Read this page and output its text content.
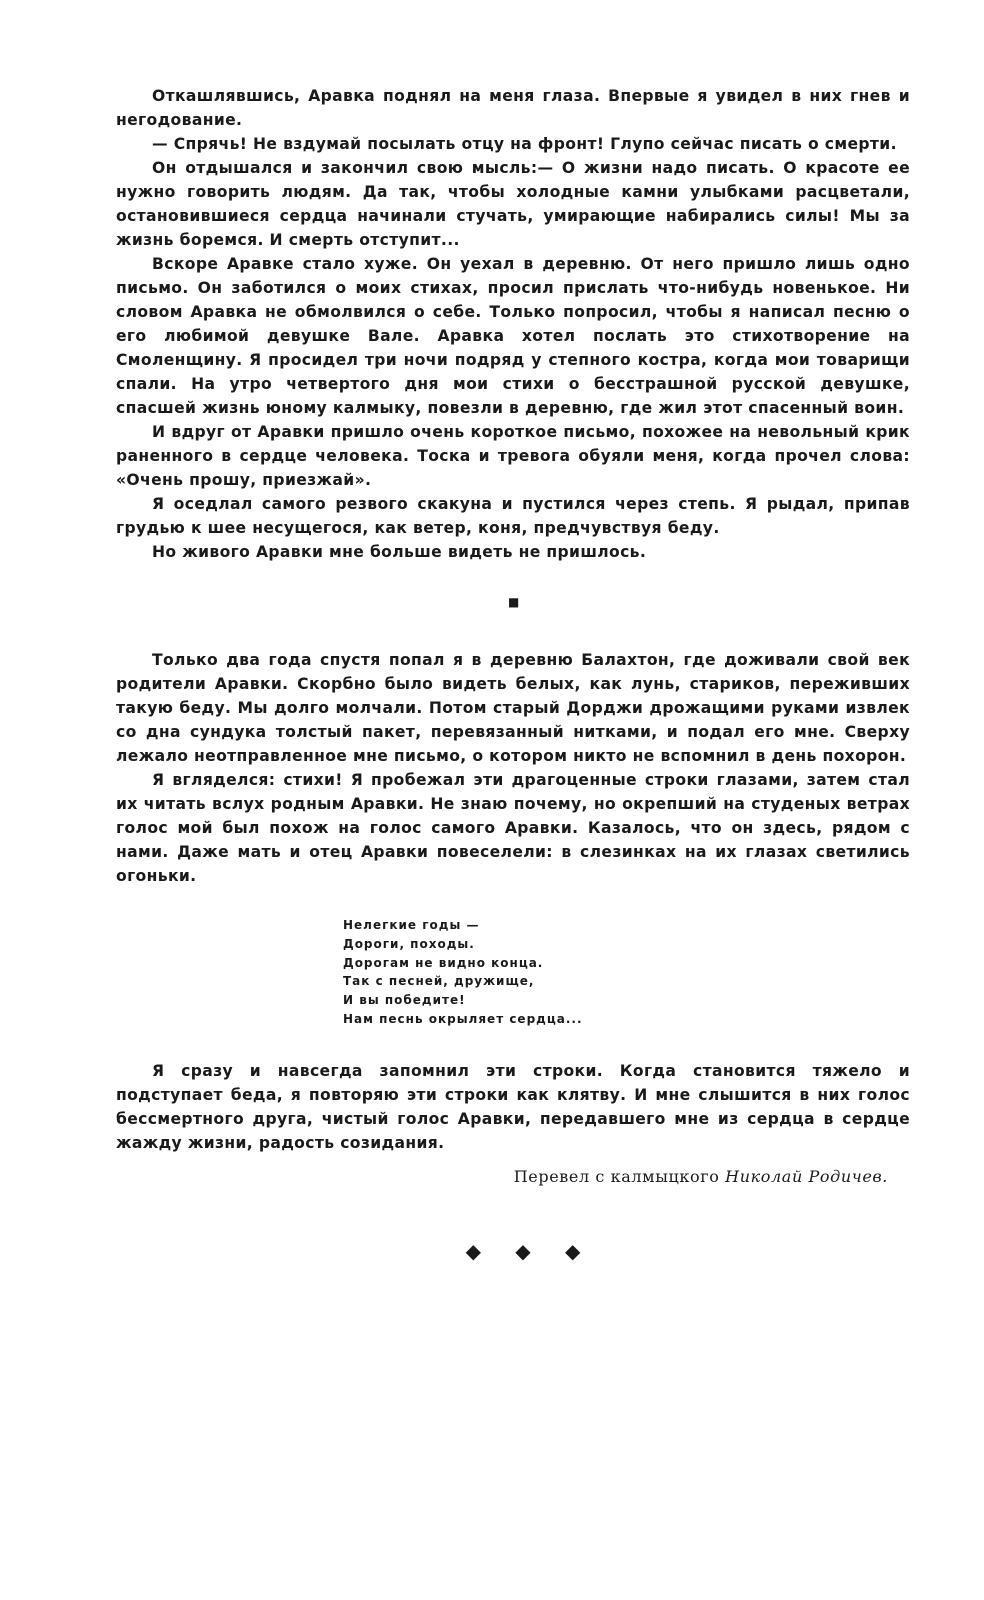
Откашлявшись, Аравка поднял на меня глаза. Впервые я увидел в них гнев и негодование.

— Спрячь! Не вздумай посылать отцу на фронт! Глупо сейчас писать о смерти.

Он отдышался и закончил свою мысль:— О жизни надо писать. О красоте ее нужно говорить людям. Да так, чтобы холодные камни улыбками расцветали, остановившиеся сердца начинали стучать, умирающие набирались силы! Мы за жизнь боремся. И смерть отступит...

Вскоре Аравке стало хуже. Он уехал в деревню. От него пришло лишь одно письмо. Он заботился о моих стихах, просил прислать что-нибудь новенькое. Ни словом Аравка не обмолвился о себе. Только попросил, чтобы я написал песню о его любимой девушке Вале. Аравка хотел послать это стихотворение на Смоленщину. Я просидел три ночи подряд у степного костра, когда мои товарищи спали. На утро четвертого дня мои стихи о бесстрашной русской девушке, спасшей жизнь юному калмыку, повезли в деревню, где жил этот спасенный воин.

И вдруг от Аравки пришло очень короткое письмо, похожее на невольный крик раненного в сердце человека. Тоска и тревога обуяли меня, когда прочел слова: «Очень прошу, приезжай».

Я оседлал самого резвого скакуна и пустился через степь. Я рыдал, припав грудью к шее несущегося, как ветер, коня, предчувствуя беду.

Но живого Аравки мне больше видеть не пришлось.

■

Только два года спустя попал я в деревню Балахтон, где доживали свой век родители Аравки. Скорбно было видеть белых, как лунь, стариков, переживших такую беду. Мы долго молчали. Потом старый Дорджи дрожащими руками извлек со дна сундука толстый пакет, перевязанный нитками, и подал его мне. Сверху лежало неотправленное мне письмо, о котором никто не вспомнил в день похорон.

Я вгляделся: стихи! Я пробежал эти драгоценные строки глазами, затем стал их читать вслух родным Аравки. Не знаю почему, но окрепший на студеных ветрах голос мой был похож на голос самого Аравки. Казалось, что он здесь, рядом с нами. Даже мать и отец Аравки повеселели: в слезинках на их глазах светились огоньки.

Нелегкие годы —
Дороги, походы.
Дорогам не видно конца.
Так с песней, дружище,
И вы победите!
Нам песнь окрыляет сердца...

Я сразу и навсегда запомнил эти строки. Когда становится тяжело и подступает беда, я повторяю эти строки как клятву. И мне слышится в них голос бессмертного друга, чистый голос Аравки, передавшего мне из сердца в сердце жажду жизни, радость созидания.

Перевел с калмыцкого Николай Родичев.
◆ ◆ ◆
